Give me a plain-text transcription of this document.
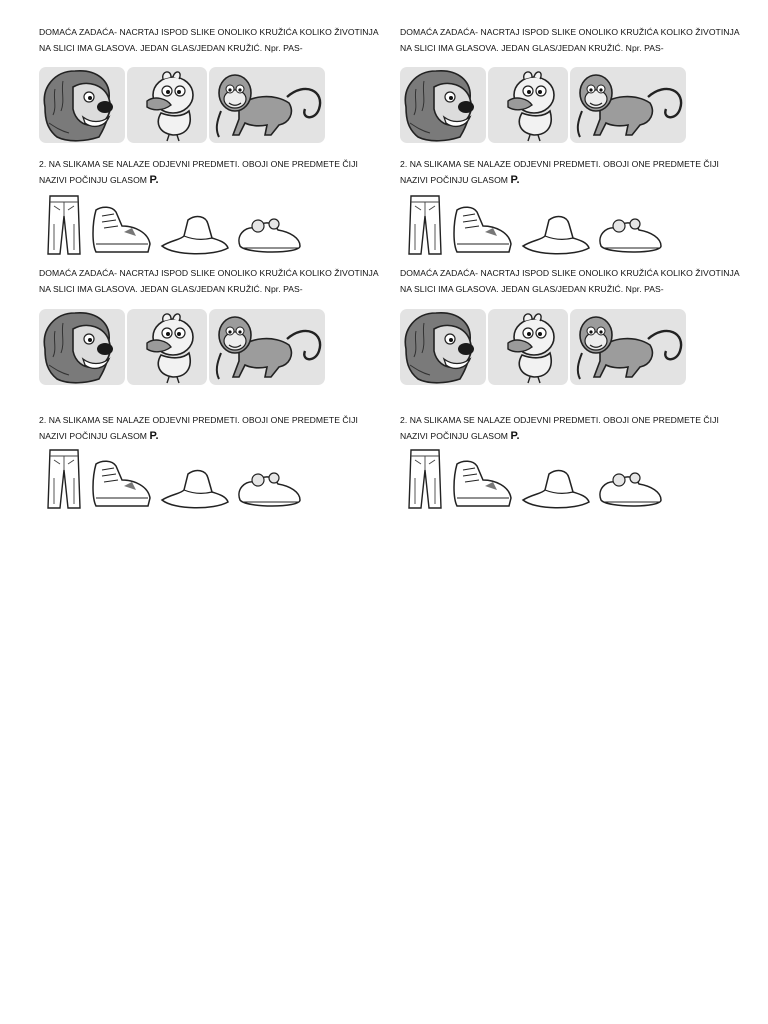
DOMAĆA ZADAĆA- NACRTAJ ISPOD SLIKE ONOLIKO KRUŽIĆA KOLIKO ŽIVOTINJA
NA SLICI IMA GLASOVA. JEDAN GLAS/JEDAN KRUŽIĆ. Npr. PAS-

2. NA SLIKAMA SE NALAZE ODJEVNI PREDMETI. OBOJI ONE PREDMETE ČIJI
NAZIVI POČINJU GLASOM P.

DOMAĆA ZADAĆA- NACRTAJ ISPOD SLIKE ONOLIKO KRUŽIĆA KOLIKO ŽIVOTINJA
NA SLICI IMA GLASOVA. JEDAN GLAS/JEDAN KRUŽIĆ. Npr. PAS-

2. NA SLIKAMA SE NALAZE ODJEVNI PREDMETI. OBOJI ONE PREDMETE ČIJI
NAZIVI POČINJU GLASOM P.

DOMAĆA ZADAĆA- NACRTAJ ISPOD SLIKE ONOLIKO KRUŽIĆA KOLIKO ŽIVOTINJA
NA SLICI IMA GLASOVA. JEDAN GLAS/JEDAN KRUŽIĆ. Npr. PAS-

2. NA SLIKAMA SE NALAZE ODJEVNI PREDMETI. OBOJI ONE PREDMETE ČIJI
NAZIVI POČINJU GLASOM P.

DOMAĆA ZADAĆA- NACRTAJ ISPOD SLIKE ONOLIKO KRUŽIĆA KOLIKO ŽIVOTINJA
NA SLICI IMA GLASOVA. JEDAN GLAS/JEDAN KRUŽIĆ. Npr. PAS-

2. NA SLIKAMA SE NALAZE ODJEVNI PREDMETI. OBOJI ONE PREDMETE ČIJI
NAZIVI POČINJU GLASOM P.
